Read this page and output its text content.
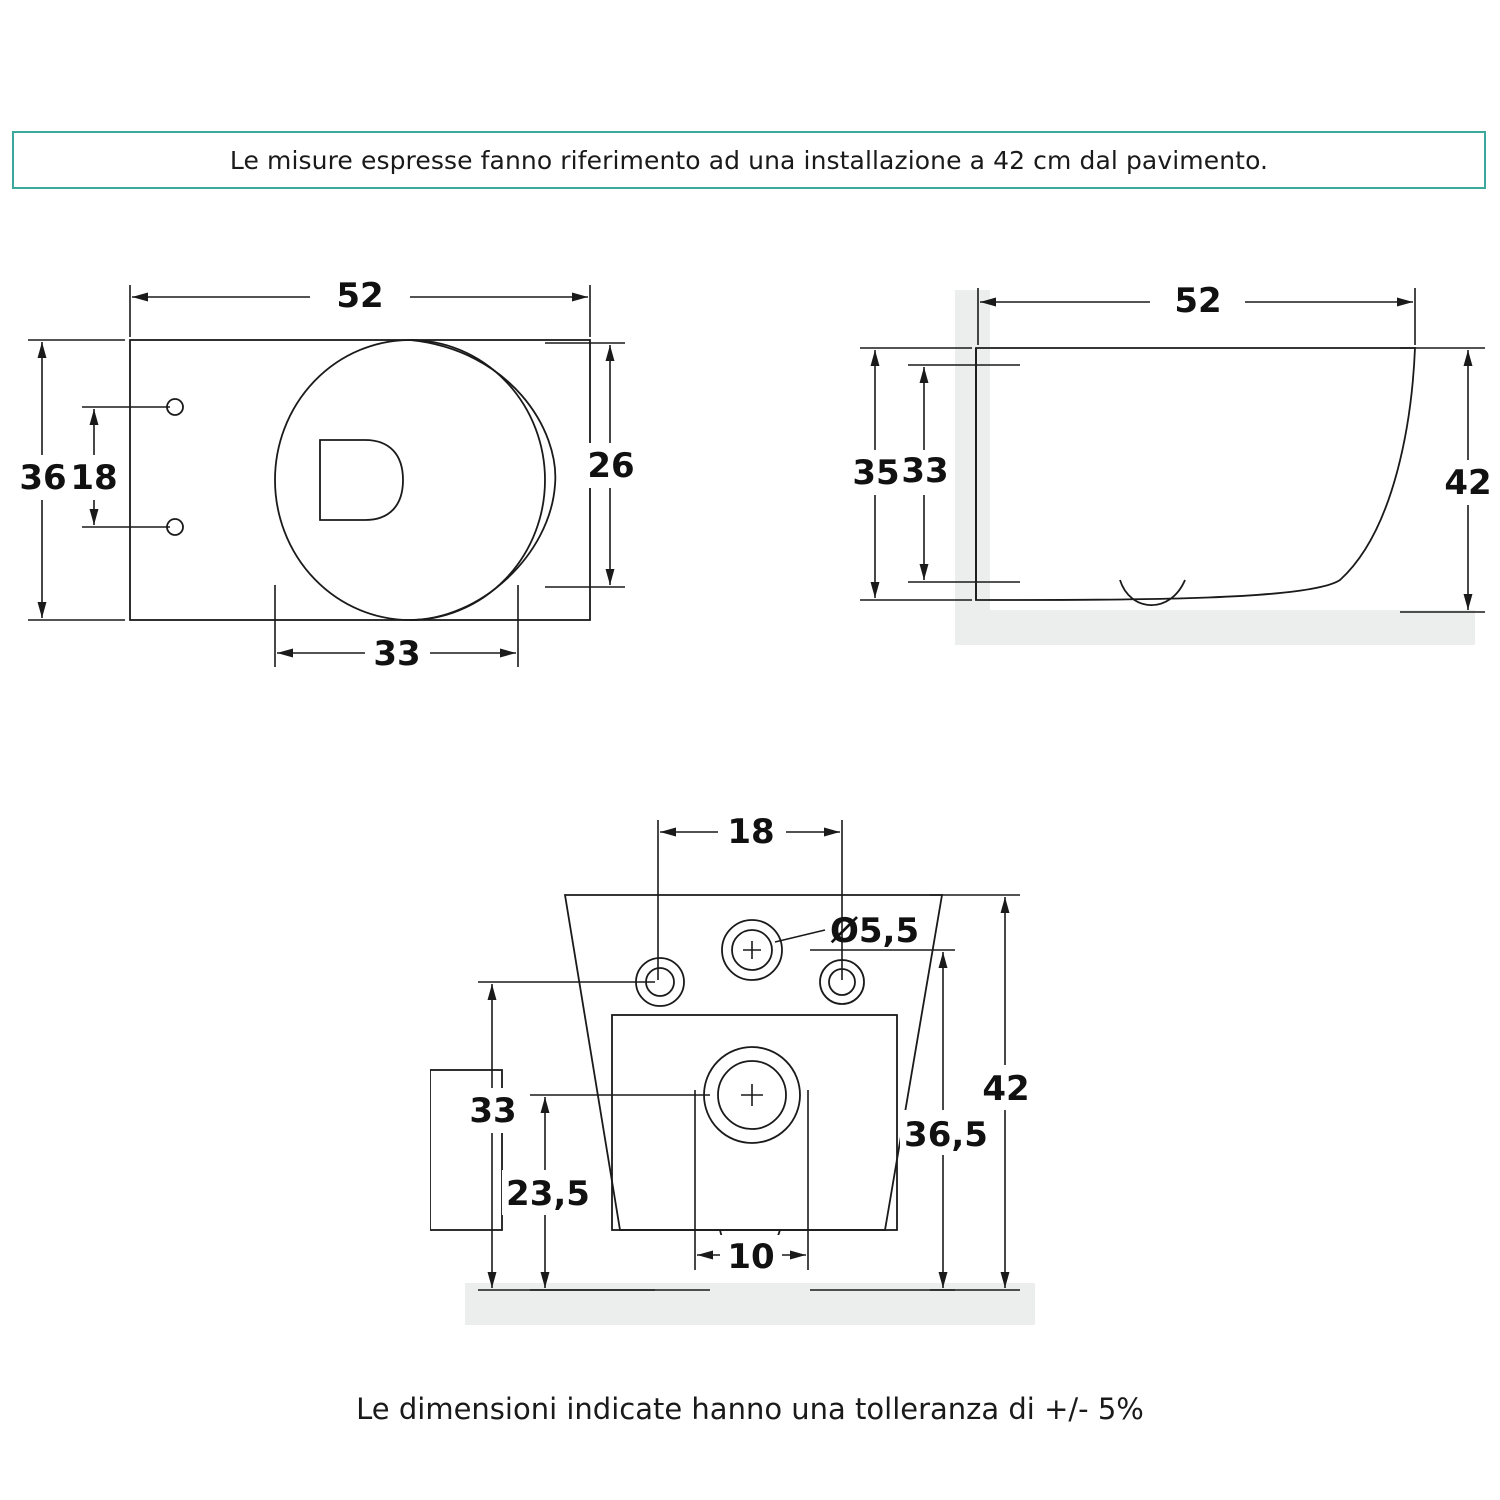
Le misure espresse fanno riferimento ad una installazione a 42 cm dal pavimento.
52
36 18	26
33
52
35 33	42
18
Ø5,5
33
23,5
10
36,5
42
Le dimensioni indicate hanno una tolleranza di +/- 5%
